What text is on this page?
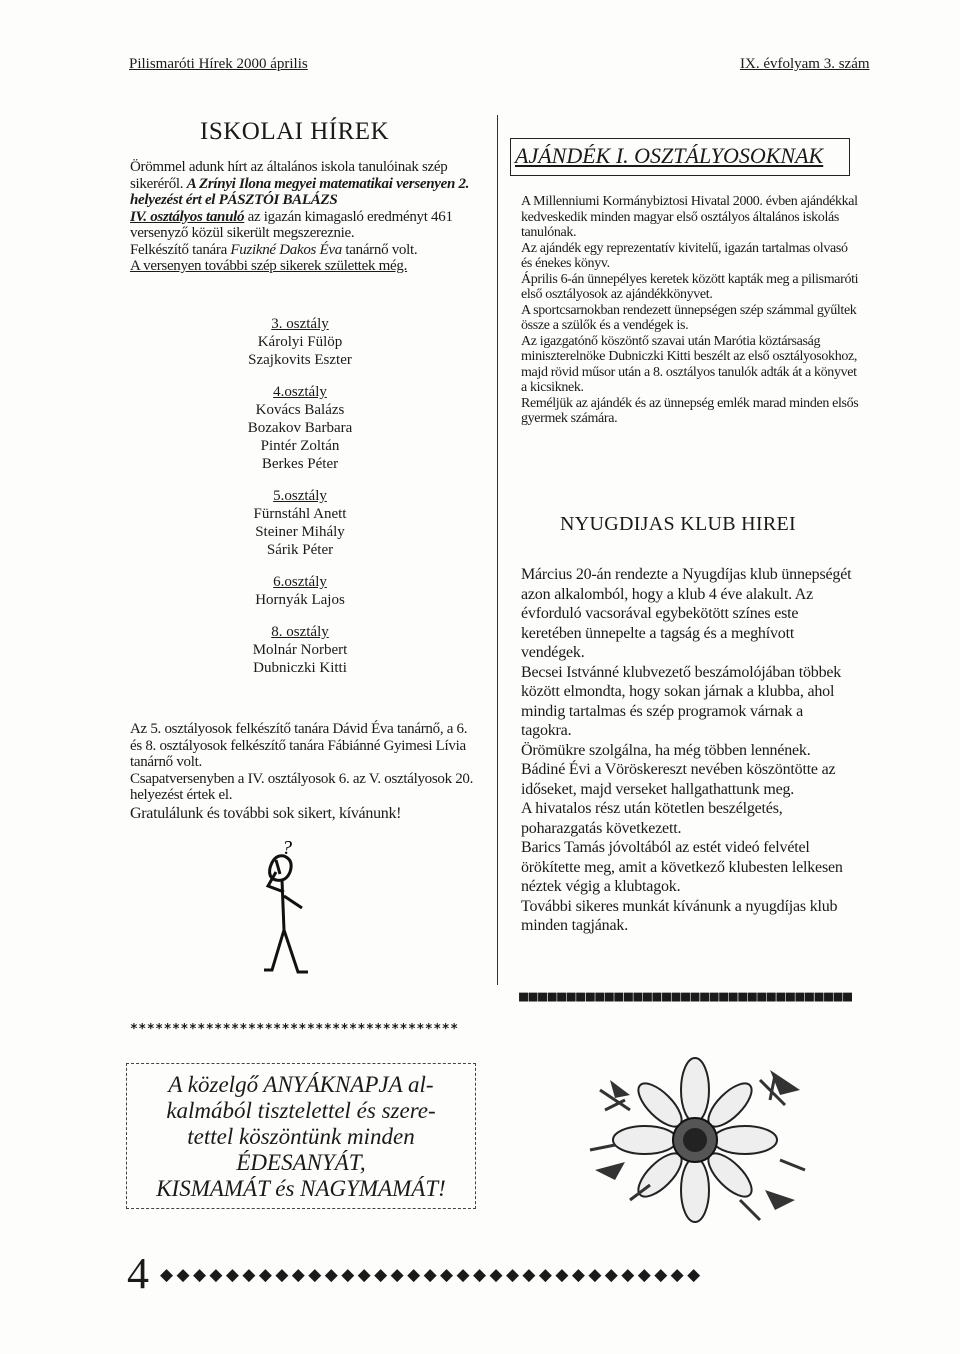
Pilismaróti Hírek 2000 április	IX. évfolyam 3. szám
ISKOLAI HÍREK
Örömmel adunk hírt az általános iskola tanulóinak szép sikeréről. A Zrínyi Ilona megyei matematikai versenyen 2. helyezést ért el PÁSZTÓI BALÁZS
IV. osztályos tanuló az igazán kimagasló eredményt 461 versenyző közül sikerült megszereznie.
Felkészítő tanára Fuzikné Dakos Éva tanárnő volt.
A versenyen további szép sikerek születtek még.
3. osztály
Károlyi Fülöp
Szajkovits Eszter
4.osztály
Kovács Balázs
Bozakov Barbara
Pintér Zoltán
Berkes Péter
5.osztály
Fürnstáhl Anett
Steiner Mihály
Sárik Péter
6.osztály
Hornyák Lajos
8. osztály
Molnár Norbert
Dubniczki Kitti
Az 5. osztályosok felkészítő tanára Dávid Éva tanárnő, a 6. és 8. osztályosok felkészítő tanára Fábiánné Gyimesi Lívia tanárnő volt.
Csapatversenyben a IV. osztályosok 6. az V. osztályosok 20. helyezést értek el.
Gratulálunk és további sok sikert, kívánunk!
?
***************************************
A közelgő ANYÁKNAPJA al-
kalmából tisztelettel és szere-
tettel köszöntünk minden
ÉDESANYÁT,
KISMAMÁT és NAGYMAMÁT!
AJÁNDÉK I. OSZTÁLYOSOKNAK
A Millenniumi Kormánybiztosi Hivatal 2000. évben ajándékkal kedveskedik minden magyar első osztályos általános iskolás tanulónak.
Az ajándék egy reprezentatív kivitelű, igazán tartalmas olvasó és énekes könyv.
Április 6-án ünnepélyes keretek között kapták meg a pilismaróti első osztályosok az ajándékkönyvet.
A sportcsarnokban rendezett ünnepségen szép számmal gyűltek össze a szülők és a vendégek is.
Az igazgatónő köszöntő szavai után Marótia köztársaság miniszterelnöke Dubniczki Kitti beszélt az első osztályosokhoz, majd rövid műsor után a 8. osztályos tanulók adták át a könyvet a kicsiknek.
Reméljük az ajándék és az ünnepség emlék marad minden elsős gyermek számára.
NYUGDIJAS KLUB HIREI
Március 20-án rendezte a Nyugdíjas klub ünnepségét azon alkalomból, hogy a klub 4 éve alakult. Az évforduló vacsorával egybekötött színes este keretében ünnepelte a tagság és a meghívott vendégek.
Becsei Istvánné klubvezető beszámolójában többek között elmondta, hogy sokan járnak a klubba, ahol mindig tartalmas és szép programok várnak a tagokra.
Örömükre szolgálna, ha még többen lennének.
Bádiné Évi a Vöröskereszt nevében köszöntötte az időseket, majd verseket hallgathattunk meg.
A hivatalos rész után kötetlen beszélgetés, poharazgatás következett.
Barics Tamás jóvoltából az estét videó felvétel örökítette meg, amit a következő klubesten lelkesen néztek végig a klubtagok.
További sikeres munkát kívánunk a nyugdíjas klub minden tagjának.
■■■■■■■■■■■■■■■■■■■■■■■■■■■■■■■■■■■
4 ◆◆◆◆◆◆◆◆◆◆◆◆◆◆◆◆◆◆◆◆◆◆◆◆◆◆◆◆◆◆◆◆◆
